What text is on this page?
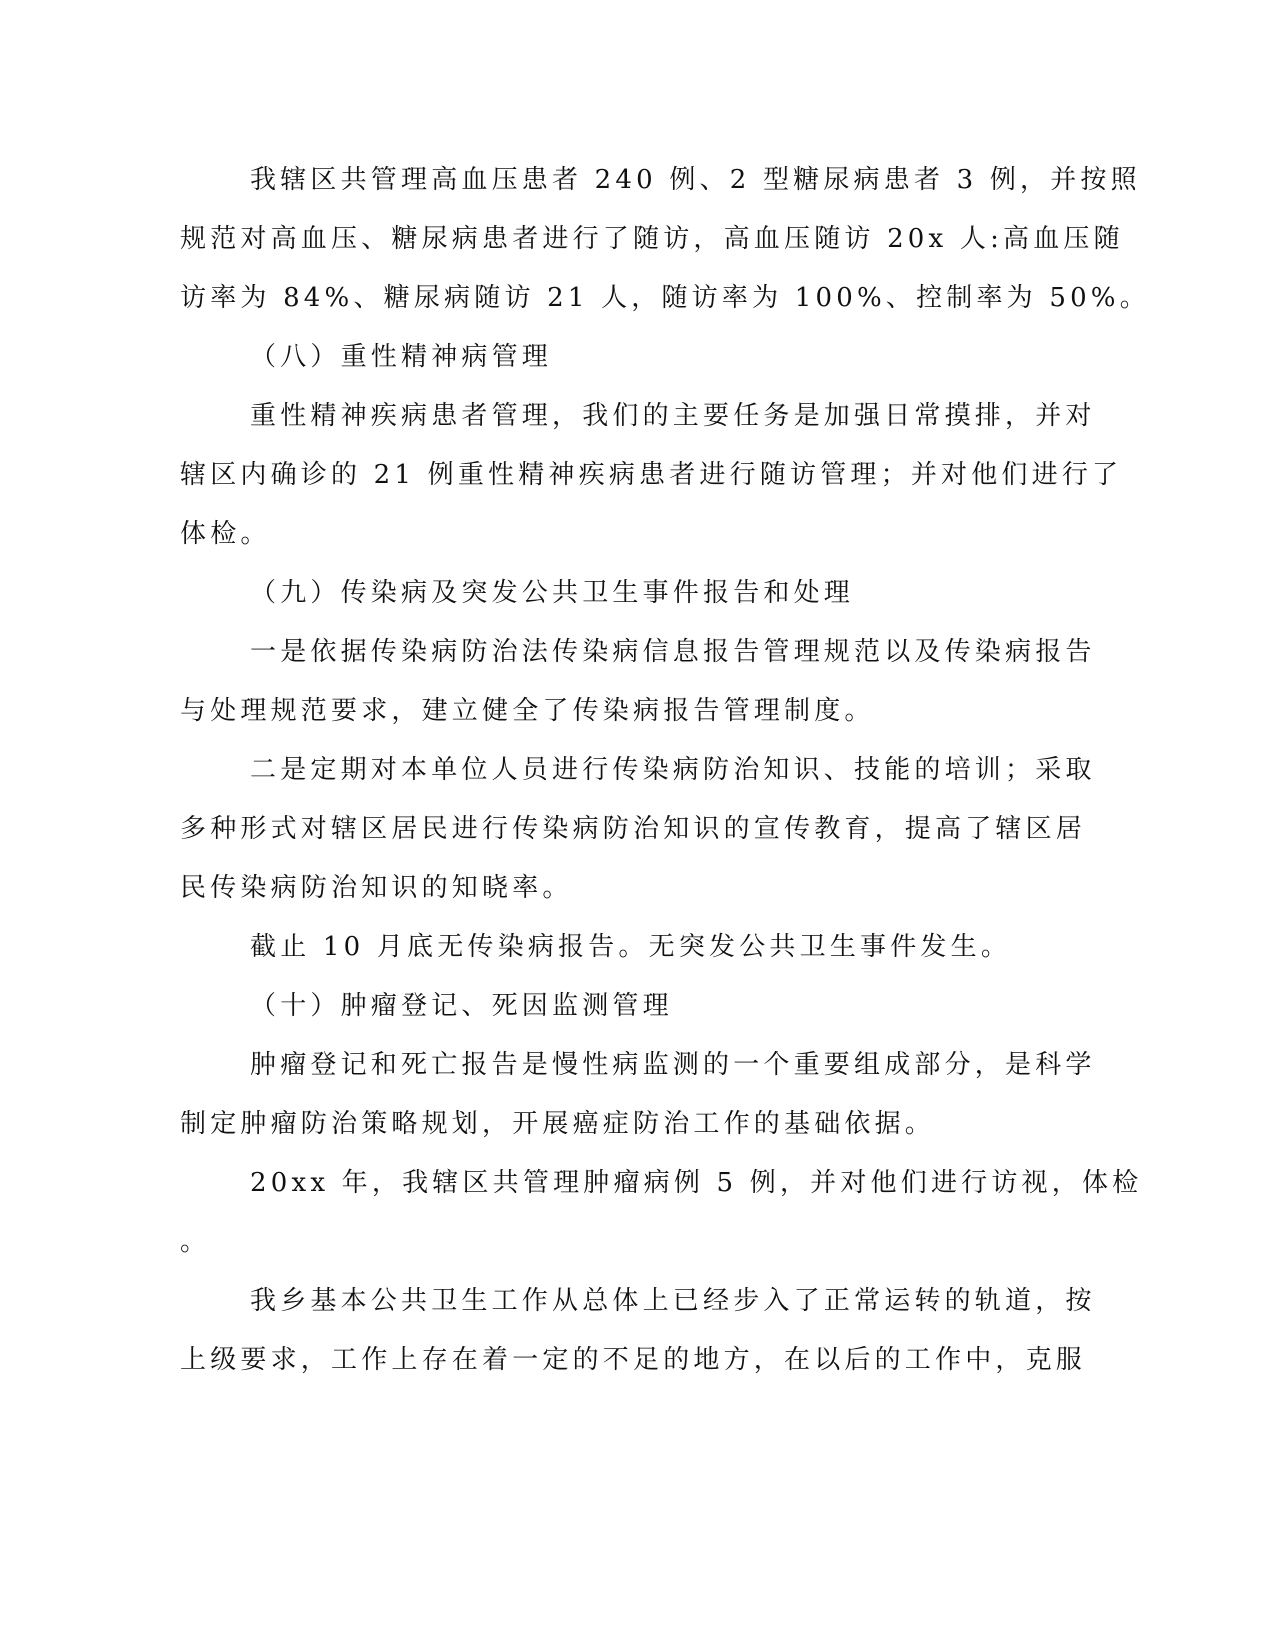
我辖区共管理高血压患者 240 例、2 型糖尿病患者 3 例，并按照
规范对高血压、糖尿病患者进行了随访，高血压随访 20x 人:高血压随
访率为 84%、糖尿病随访 21 人，随访率为 100%、控制率为 50%。
（八）重性精神病管理
重性精神疾病患者管理，我们的主要任务是加强日常摸排，并对
辖区内确诊的 21 例重性精神疾病患者进行随访管理；并对他们进行了
体检。
（九）传染病及突发公共卫生事件报告和处理
一是依据传染病防治法传染病信息报告管理规范以及传染病报告
与处理规范要求，建立健全了传染病报告管理制度。
二是定期对本单位人员进行传染病防治知识、技能的培训；采取
多种形式对辖区居民进行传染病防治知识的宣传教育，提高了辖区居
民传染病防治知识的知晓率。
截止 10 月底无传染病报告。无突发公共卫生事件发生。
（十）肿瘤登记、死因监测管理
肿瘤登记和死亡报告是慢性病监测的一个重要组成部分，是科学
制定肿瘤防治策略规划，开展癌症防治工作的基础依据。
20xx 年，我辖区共管理肿瘤病例 5 例，并对他们进行访视，体检
。
我乡基本公共卫生工作从总体上已经步入了正常运转的轨道，按
上级要求，工作上存在着一定的不足的地方，在以后的工作中，克服
